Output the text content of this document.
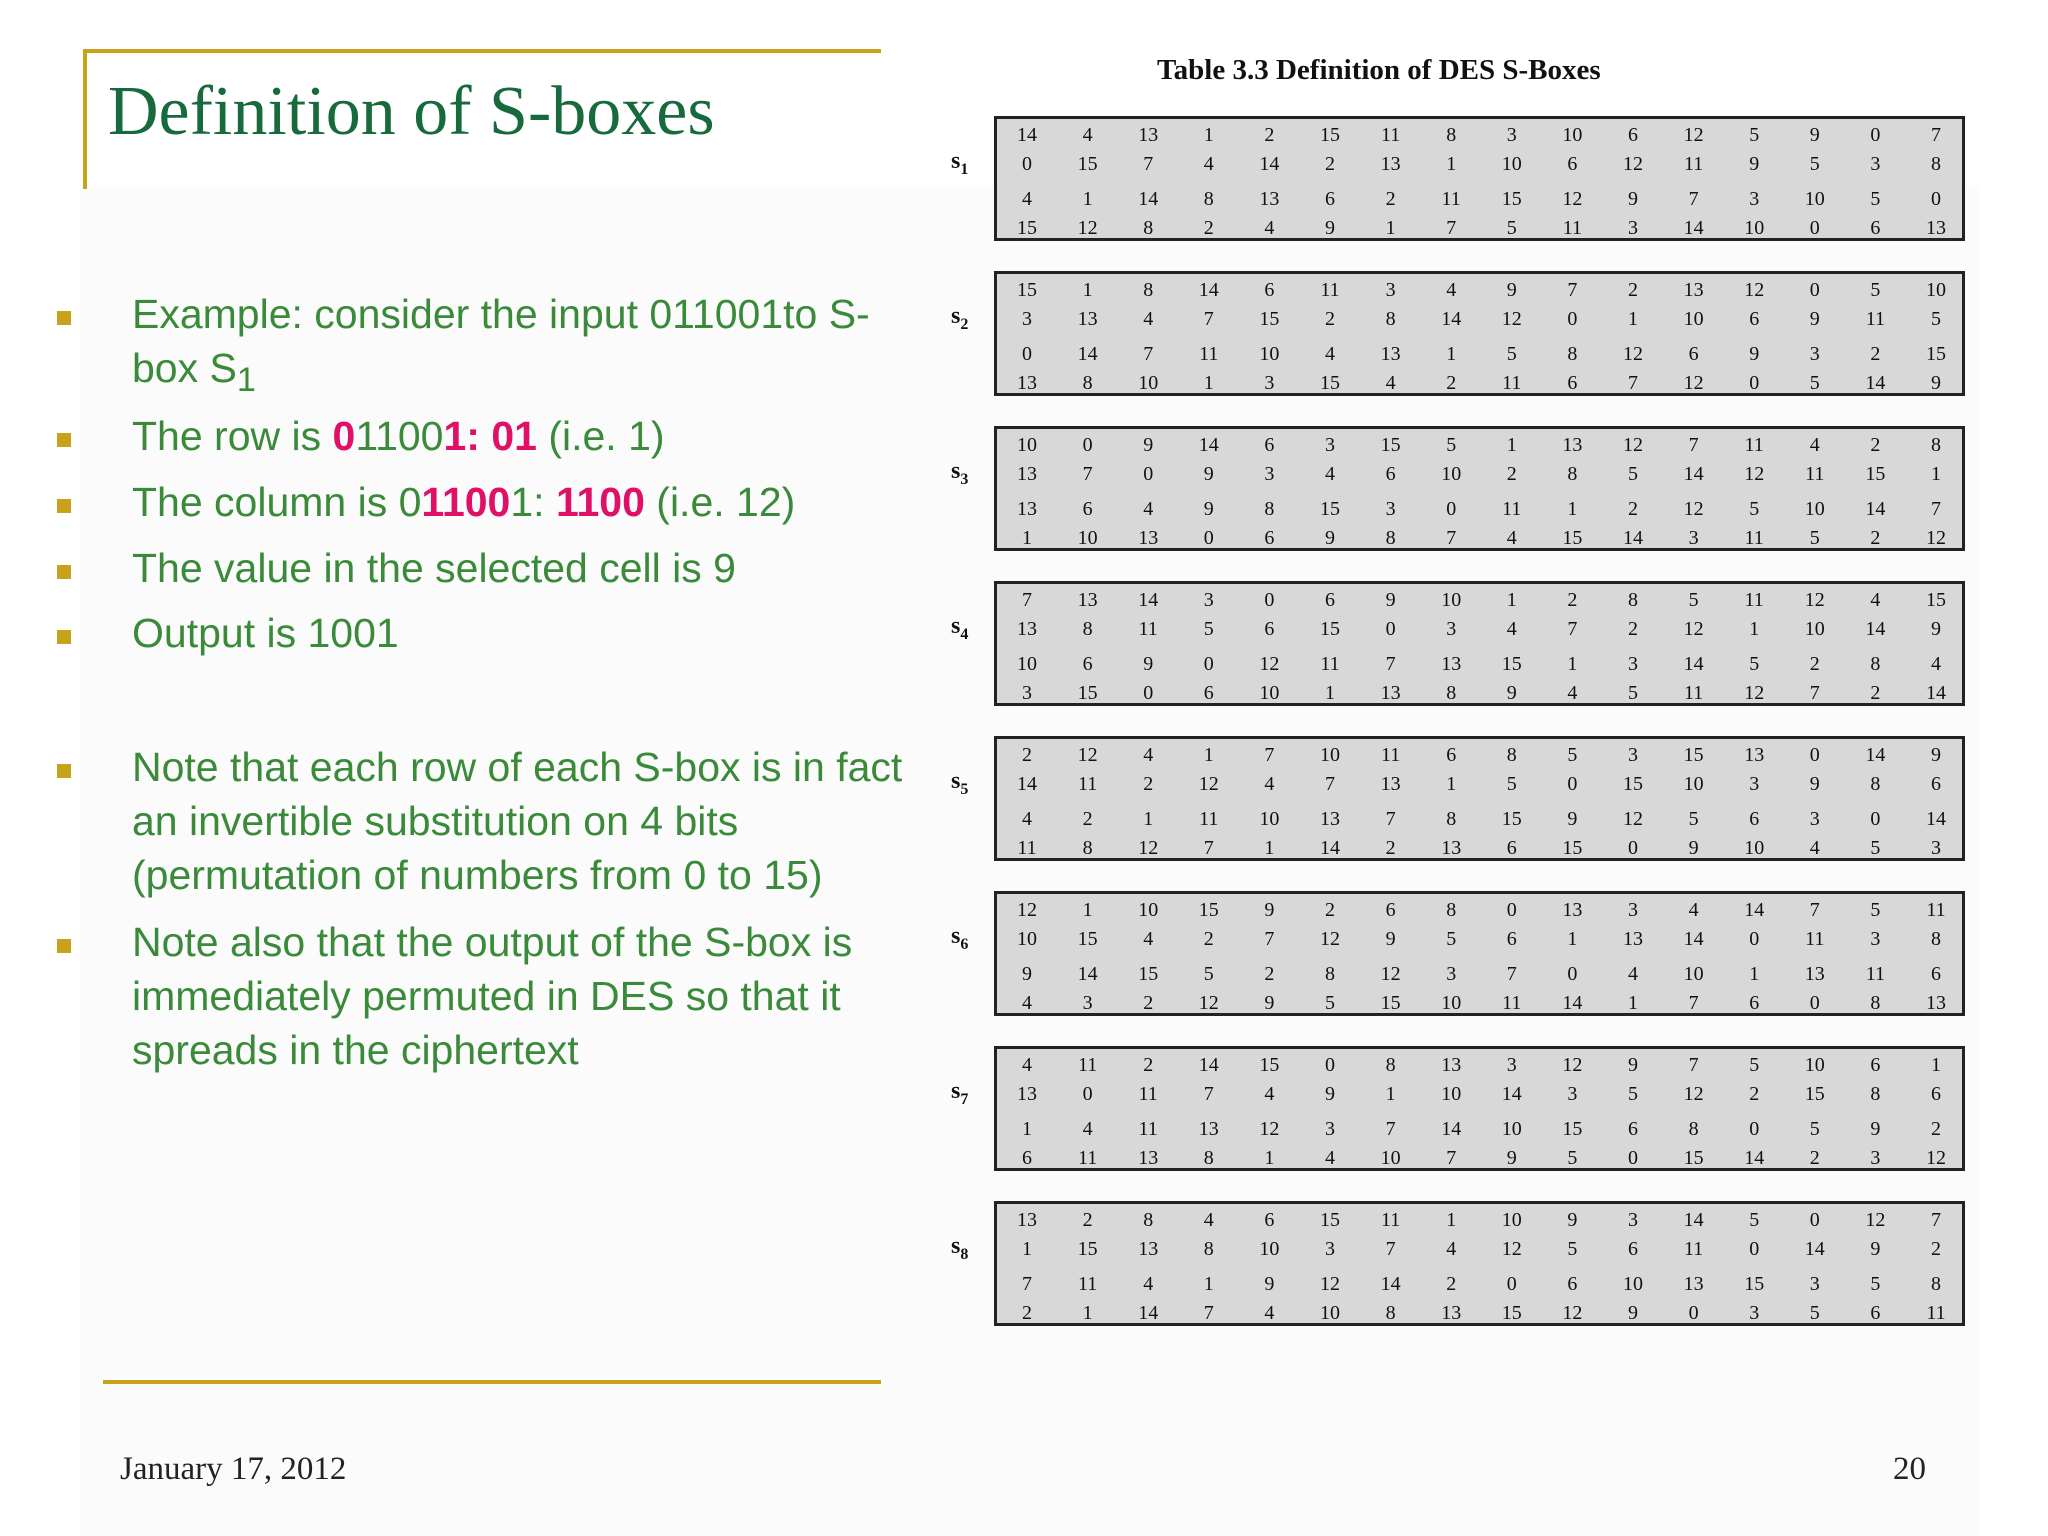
Definition of S-boxes
Example: consider the input 011001to S-box $S_1$
The row is 011001: 01 (i.e. 1)
The column is 011001: 1100 (i.e. 12)
The value in the selected cell is 9
Output is 1001
Note that each row of each S-box is in fact an invertible substitution on 4 bits (permutation of numbers from 0 to 15)
Note also that the output of the S-box is immediately permuted in DES so that it spreads in the ciphertext
January 17, 2012	20
Table 3.3 Definition of DES S-Boxes
$s_1$
14	4	13	1	2	15	11	8	3	10	6	12	5	9	0	7
0	15	7	4	14	2	13	1	10	6	12	11	9	5	3	8
4	1	14	8	13	6	2	11	15	12	9	7	3	10	5	0
15	12	8	2	4	9	1	7	5	11	3	14	10	0	6	13
$s_2$
15	1	8	14	6	11	3	4	9	7	2	13	12	0	5	10
3	13	4	7	15	2	8	14	12	0	1	10	6	9	11	5
0	14	7	11	10	4	13	1	5	8	12	6	9	3	2	15
13	8	10	1	3	15	4	2	11	6	7	12	0	5	14	9
$s_3$
10	0	9	14	6	3	15	5	1	13	12	7	11	4	2	8
13	7	0	9	3	4	6	10	2	8	5	14	12	11	15	1
13	6	4	9	8	15	3	0	11	1	2	12	5	10	14	7
1	10	13	0	6	9	8	7	4	15	14	3	11	5	2	12
$s_4$
7	13	14	3	0	6	9	10	1	2	8	5	11	12	4	15
13	8	11	5	6	15	0	3	4	7	2	12	1	10	14	9
10	6	9	0	12	11	7	13	15	1	3	14	5	2	8	4
3	15	0	6	10	1	13	8	9	4	5	11	12	7	2	14
$s_5$
2	12	4	1	7	10	11	6	8	5	3	15	13	0	14	9
14	11	2	12	4	7	13	1	5	0	15	10	3	9	8	6
4	2	1	11	10	13	7	8	15	9	12	5	6	3	0	14
11	8	12	7	1	14	2	13	6	15	0	9	10	4	5	3
$s_6$
12	1	10	15	9	2	6	8	0	13	3	4	14	7	5	11
10	15	4	2	7	12	9	5	6	1	13	14	0	11	3	8
9	14	15	5	2	8	12	3	7	0	4	10	1	13	11	6
4	3	2	12	9	5	15	10	11	14	1	7	6	0	8	13
$s_7$
4	11	2	14	15	0	8	13	3	12	9	7	5	10	6	1
13	0	11	7	4	9	1	10	14	3	5	12	2	15	8	6
1	4	11	13	12	3	7	14	10	15	6	8	0	5	9	2
6	11	13	8	1	4	10	7	9	5	0	15	14	2	3	12
$s_8$
13	2	8	4	6	15	11	1	10	9	3	14	5	0	12	7
1	15	13	8	10	3	7	4	12	5	6	11	0	14	9	2
7	11	4	1	9	12	14	2	0	6	10	13	15	3	5	8
2	1	14	7	4	10	8	13	15	12	9	0	3	5	6	11
